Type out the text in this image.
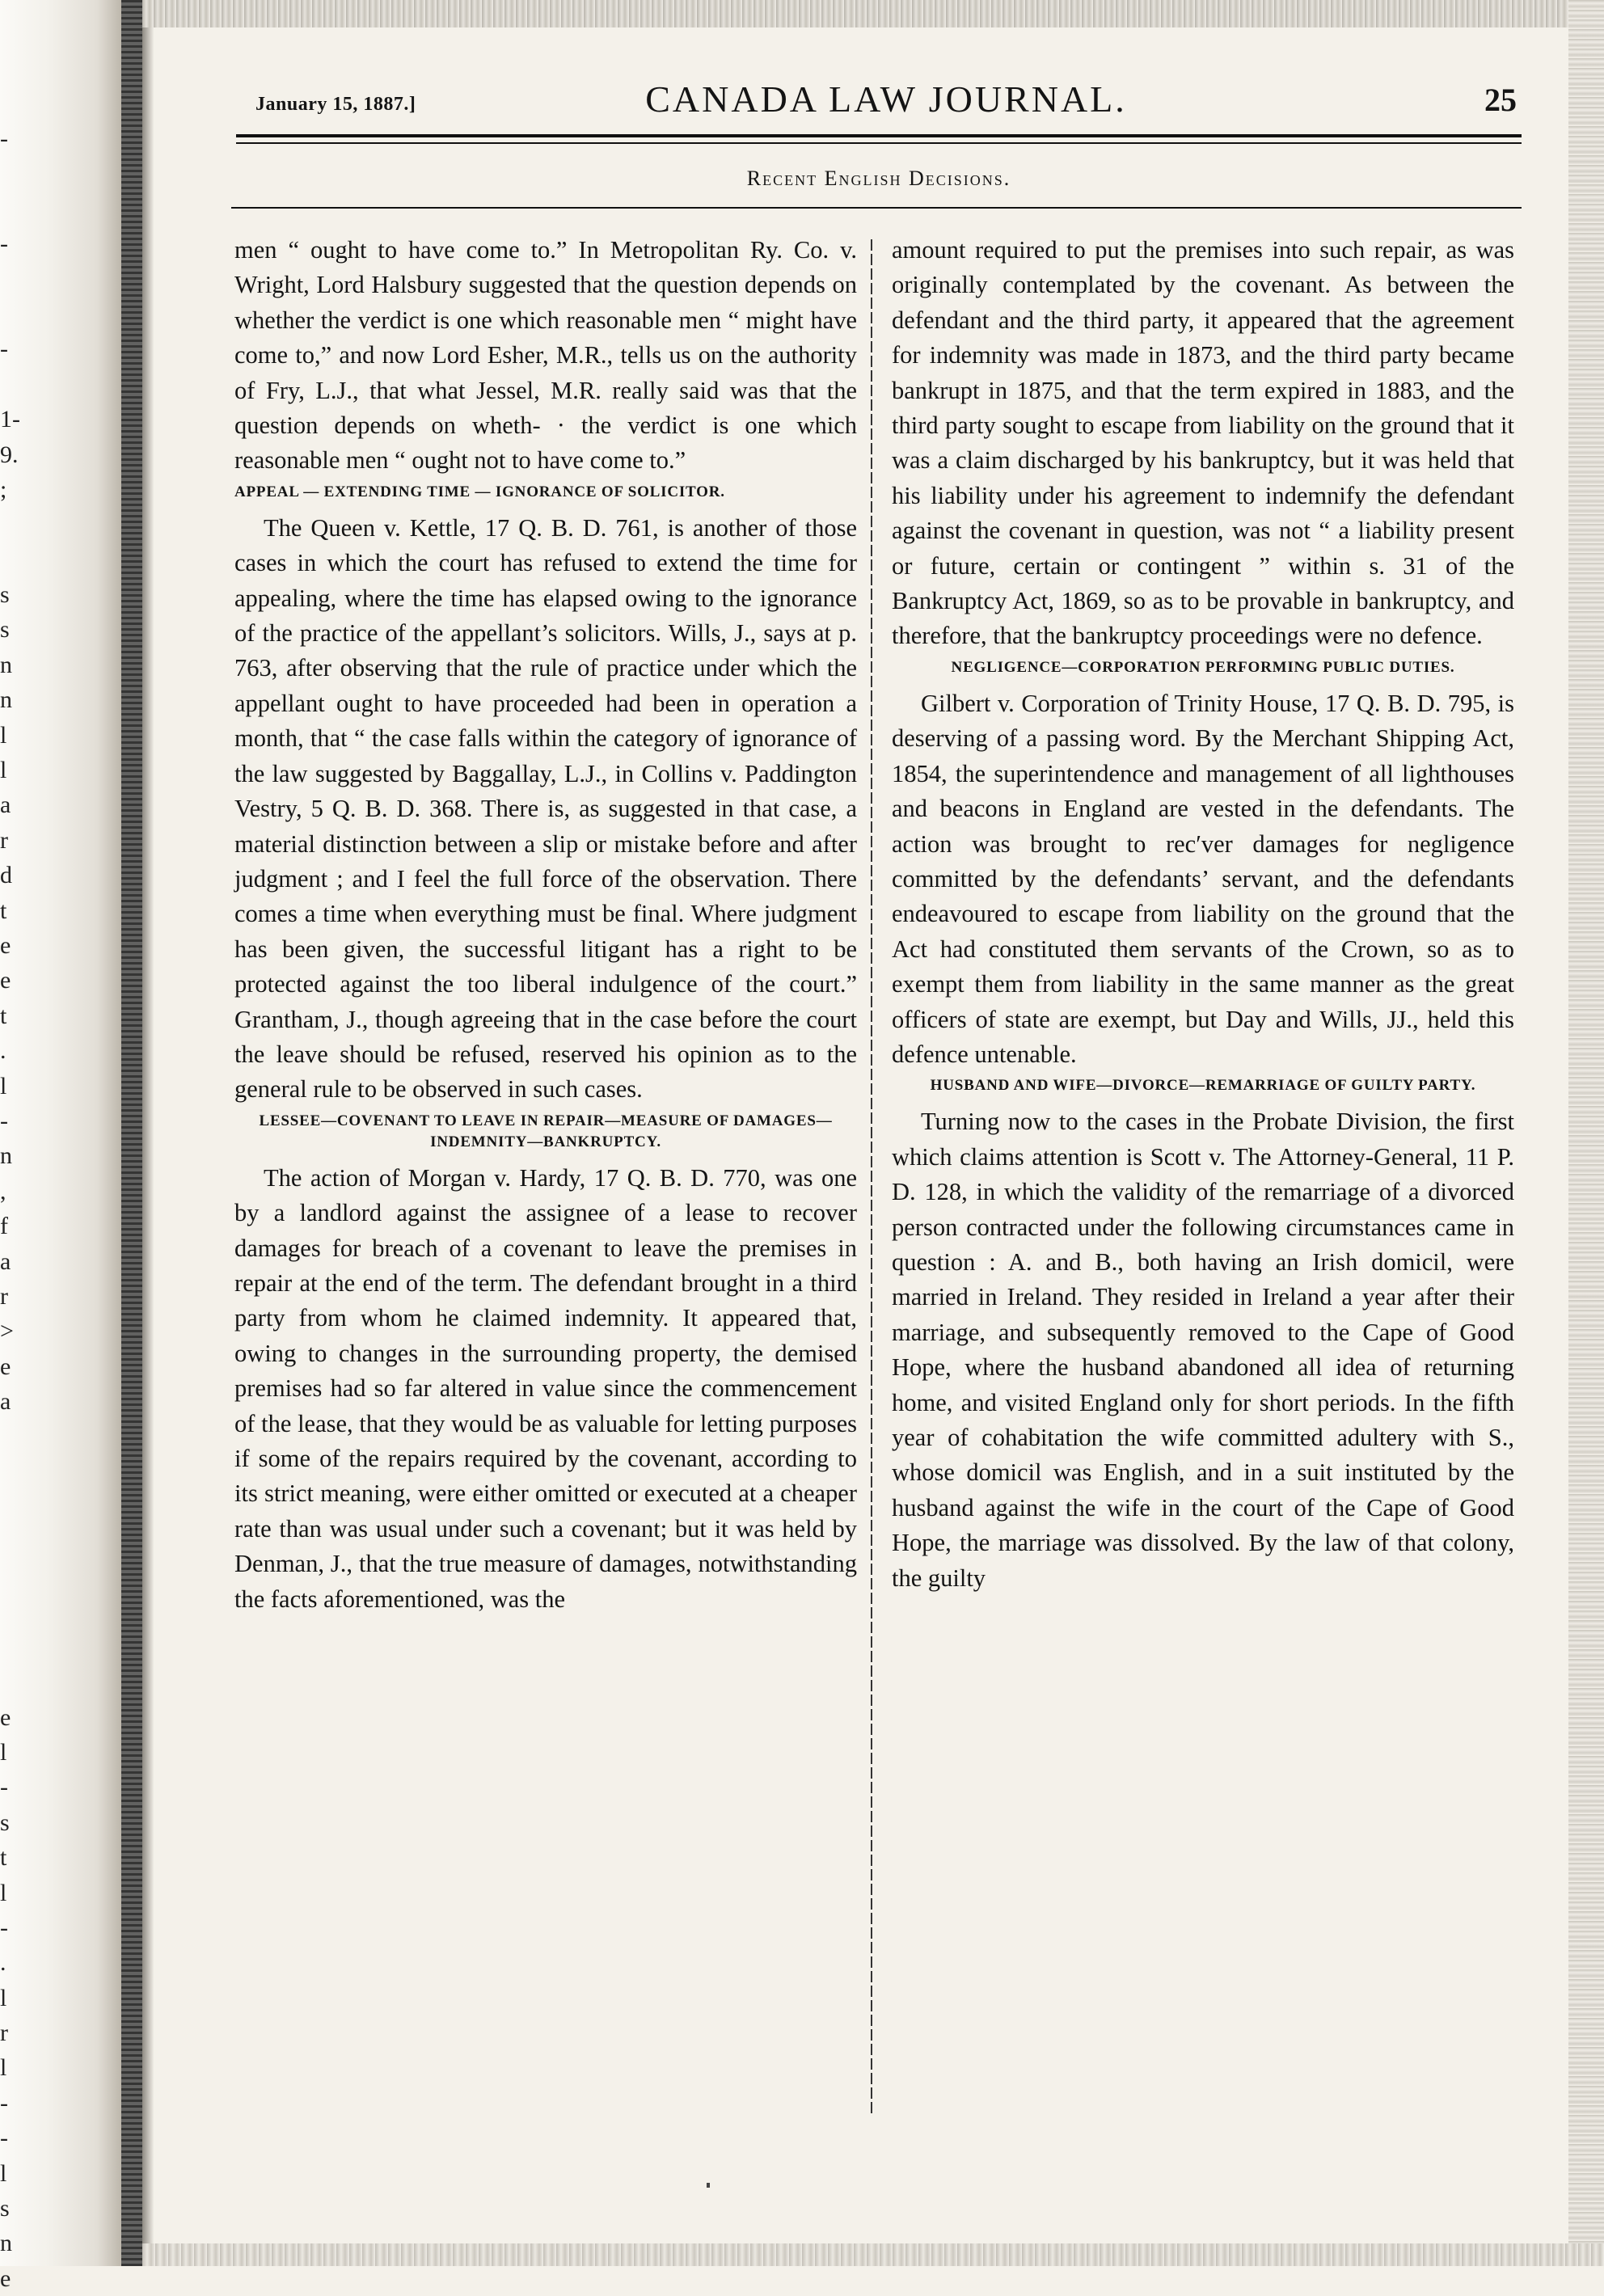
-
-
-
1-
9.
;
s
s
n
n
l
l
a
r
d
t
e
e
t
.
l
-
n
,
f
a
r
>
e
a
e
l
-
s
t
l
-
.
l
r
l
-
-
l
s
n
e
January 15, 1887.]	CANADA LAW JOURNAL.	25
Recent English Decisions.

men “ ought to have come to.” In Metropolitan Ry. Co. v. Wright, Lord Halsbury suggested that the question depends on whether the verdict is one which reasonable men “ might have come to,” and now Lord Esher, M.R., tells us on the authority of Fry, L.J., that what Jessel, M.R. really said was that the question depends on wheth- · the verdict is one which reasonable men “ ought not to have come to.”

APPEAL — EXTENDING TIME — IGNORANCE OF SOLICITOR.

The Queen v. Kettle, 17 Q. B. D. 761, is another of those cases in which the court has refused to extend the time for appealing, where the time has elapsed owing to the ignorance of the practice of the appellant’s solicitors. Wills, J., says at p. 763, after observing that the rule of practice under which the appellant ought to have proceeded had been in operation a month, that “ the case falls within the category of ignorance of the law suggested by Baggallay, L.J., in Collins v. Paddington Vestry, 5 Q. B. D. 368. There is, as suggested in that case, a material distinction between a slip or mistake before and after judgment ; and I feel the full force of the observation. There comes a time when everything must be final. Where judgment has been given, the successful litigant has a right to be protected against the too liberal indulgence of the court.” Grantham, J., though agreeing that in the case before the court the leave should be refused, reserved his opinion as to the general rule to be observed in such cases.

LESSEE—COVENANT TO LEAVE IN REPAIR—MEASURE OF DAMAGES—INDEMNITY—BANKRUPTCY.

The action of Morgan v. Hardy, 17 Q. B. D. 770, was one by a landlord against the assignee of a lease to recover damages for breach of a covenant to leave the premises in repair at the end of the term. The defendant brought in a third party from whom he claimed indemnity. It appeared that, owing to changes in the surrounding property, the demised premises had so far altered in value since the commencement of the lease, that they would be as valuable for letting purposes if some of the repairs required by the covenant, according to its strict meaning, were either omitted or executed at a cheaper rate than was usual under such a covenant; but it was held by Denman, J., that the true measure of damages, notwithstanding the facts aforementioned, was the

amount required to put the premises into such repair, as was originally contemplated by the covenant. As between the defendant and the third party, it appeared that the agreement for indemnity was made in 1873, and the third party became bankrupt in 1875, and that the term expired in 1883, and the third party sought to escape from liability on the ground that it was a claim discharged by his bankruptcy, but it was held that his liability under his agreement to indemnify the defendant against the covenant in question, was not “ a liability present or future, certain or contingent ” within s. 31 of the Bankruptcy Act, 1869, so as to be provable in bankruptcy, and therefore, that the bankruptcy proceedings were no defence.

NEGLIGENCE—CORPORATION PERFORMING PUBLIC DUTIES.

Gilbert v. Corporation of Trinity House, 17 Q. B. D. 795, is deserving of a passing word. By the Merchant Shipping Act, 1854, the superintendence and management of all lighthouses and beacons in England are vested in the defendants. The action was brought to rec′ver damages for negligence committed by the defendants’ servant, and the defendants endeavoured to escape from liability on the ground that the Act had constituted them servants of the Crown, so as to exempt them from liability in the same manner as the great officers of state are exempt, but Day and Wills, JJ., held this defence untenable.

HUSBAND AND WIFE—DIVORCE—REMARRIAGE OF GUILTY PARTY.

Turning now to the cases in the Probate Division, the first which claims attention is Scott v. The Attorney-General, 11 P. D. 128, in which the validity of the remarriage of a divorced person contracted under the following circumstances came in question : A. and B., both having an Irish domicil, were married in Ireland. They resided in Ireland a year after their marriage, and subsequently removed to the Cape of Good Hope, where the husband abandoned all idea of returning home, and visited England only for short periods. In the fifth year of cohabitation the wife committed adultery with S., whose domicil was English, and in a suit instituted by the husband against the wife in the court of the Cape of Good Hope, the marriage was dissolved. By the law of that colony, the guilty
